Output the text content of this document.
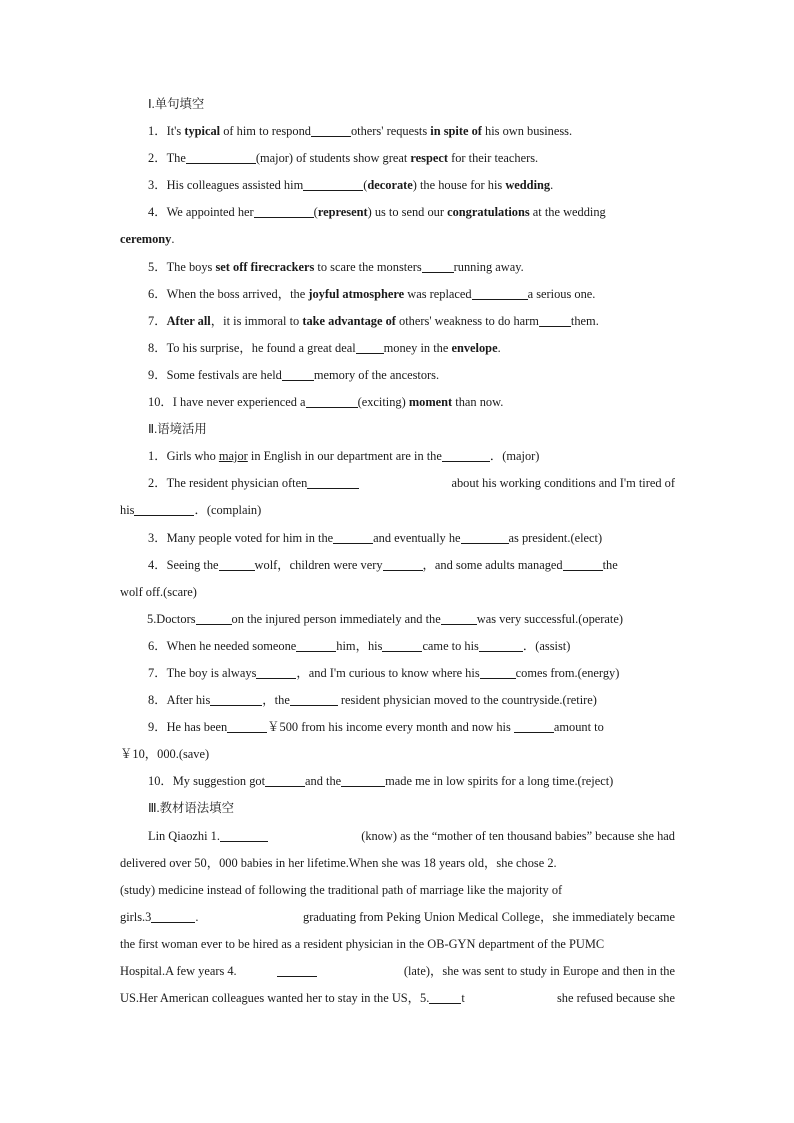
Ⅰ.单句填空
1．It's typical of him to respond	others' requests in spite of his own business.
2．The	(major) of students show great respect for their teachers.
3．His colleagues assisted him	(decorate) the house for his wedding.
4．We appointed her	(represent) us to send our congratulations at the wedding
ceremony.
5．The boys set off firecrackers to scare the monsters	running away.
6．When the boss arrived，the joyful atmosphere was replaced	a serious one.
7．After all，it is immoral to take advantage of others' weakness to do harm	them.
8．To his surprise，he found a great deal money in the envelope.
9．Some festivals are held	memory of the ancestors.
10．I have never experienced a	(exciting) moment than now.
Ⅱ.语境活用
1．Girls who major in English in our department are in the	．(major)
2．The resident physician often	about his working conditions and I'm tired of
his	．(complain)
3．Many people voted for him in the	and eventually he	as president.(elect)
4．Seeing the	wolf，children were very	，and some adults managed	the
wolf off.(scare)
5.Doctors	on the injured person immediately and the	was very successful.(operate)
6．When he needed someone	him，his	came to his	．(assist)
7．The boy is always	，and I'm curious to know where his	comes from.(energy)
8．After his	，the	resident physician moved to the countryside.(retire)
9．He has been	￥500 from his income every month and now his	amount to
￥10，000.(save)
10．My suggestion got	and the	made me in low spirits for a long time.(reject)
Ⅲ.教材语法填空
Lin Qiaozhi 1.	(know) as the “mother of ten thousand babies” because she had
delivered over 50，000 babies in her lifetime.When she was 18 years old，she chose 2.
(study) medicine instead of following the traditional path of marriage like the majority of
girls.3	.	graduating from Peking Union Medical College，she immediately became
the first woman ever to be hired as a resident physician in the OB-GYN department of the PUMC
Hospital.A few years 4.	(late)，she was sent to study in Europe and then in the
US.Her American colleagues wanted her to stay in the US，5.	t	she refused because she
